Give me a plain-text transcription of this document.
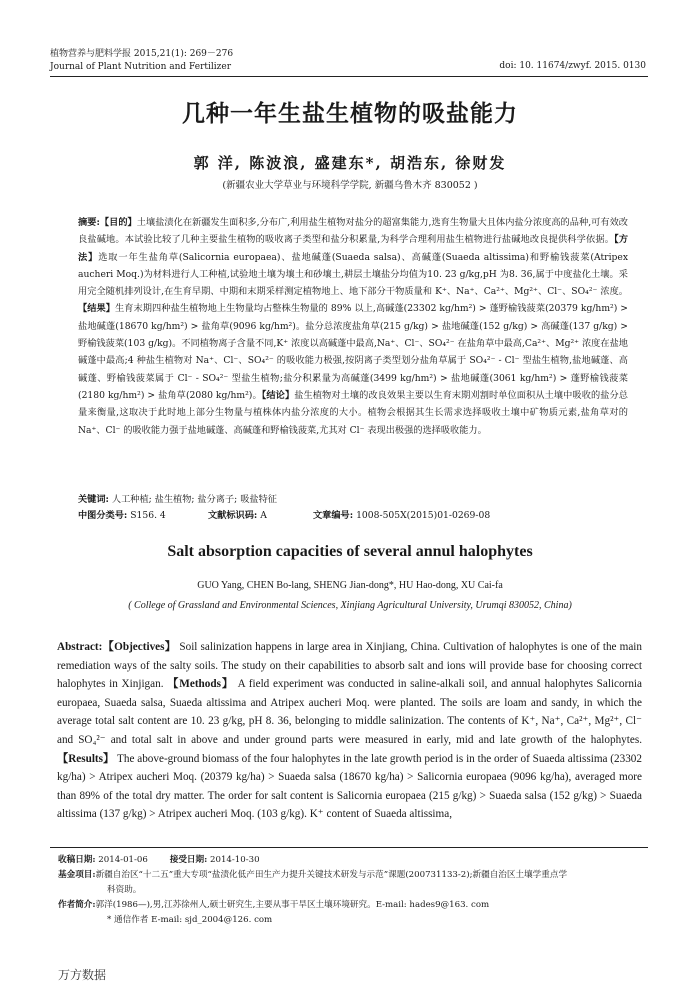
植物营养与肥料学报 2015,21(1): 269－276
Journal of Plant Nutrition and Fertilizer	doi: 10. 11674/zwyf. 2015. 0130
几种一年生盐生植物的吸盐能力
郭 洋, 陈波浪, 盛建东*, 胡浩东, 徐财发
(新疆农业大学草业与环境科学学院, 新疆乌鲁木齐 830052 )
摘要:【目的】土壤盐渍化在新疆发生面积多,分布广,利用盐生植物对盐分的超富集能力,选育生物量大且体内盐分浓度高的品种,可有效改良盐碱地。本试验比较了几种主要盐生植物的吸收离子类型和盐分积累量,为科学合理利用盐生植物进行盐碱地改良提供科学依据。【方法】选取一年生盐角草(Salicornia europaea)、盐地碱蓬(Suaeda salsa)、高碱蓬(Suaeda altissima)和野榆钱菠菜(Atripex aucheri Moq.)为材料进行人工种植,试验地土壤为壤土和砂壤土,耕层土壤盐分均值为10. 23 g/kg,pH 为8. 36,属于中度盐化土壤。采用完全随机排列设计,在生育早期、中期和末期采样测定植物地上、地下部分干物质量和 K⁺、Na⁺、Ca²⁺、Mg²⁺、Cl⁻、SO₄²⁻ 浓度。【结果】生育末期四种盐生植物地上生物量均占整株生物量的 89% 以上,高碱蓬(23302 kg/hm²) > 蓬野榆钱菠菜(20379 kg/hm²) > 盐地碱蓬(18670 kg/hm²) > 盐角草(9096 kg/hm²)。盐分总浓度盐角草(215 g/kg) > 盐地碱蓬(152 g/kg) > 高碱蓬(137 g/kg) > 野榆钱菠菜(103 g/kg)。不同植物离子含量不同,K⁺ 浓度以高碱蓬中最高,Na⁺、Cl⁻、SO₄²⁻ 在盐角草中最高,Ca²⁺、Mg²⁺ 浓度在盐地碱蓬中最高;4 种盐生植物对 Na⁺、Cl⁻、SO₄²⁻ 的吸收能力极强,按阴离子类型划分盐角草属于 SO₄²⁻ - Cl⁻ 型盐生植物,盐地碱蓬、高碱蓬、野榆钱菠菜属于 Cl⁻ - SO₄²⁻ 型盐生植物;盐分积累量为高碱蓬(3499 kg/hm²) > 盐地碱蓬(3061 kg/hm²) > 蓬野榆钱菠菜(2180 kg/hm²) > 盐角草(2080 kg/hm²)。【结论】盐生植物对土壤的改良效果主要以生育末期刈割时单位面积从土壤中吸收的盐分总量来衡量,这取决于此时地上部分生物量与植株体内盐分浓度的大小。植物会根据其生长需求选择吸收土壤中矿物质元素,盐角草对的 Na⁺、Cl⁻ 的吸收能力强于盐地碱蓬、高碱蓬和野榆钱菠菜,尤其对 Cl⁻ 表现出极强的选择吸收能力。
关键词: 人工种植; 盐生植物; 盐分离子; 吸盐特征
中图分类号: S156. 4	文献标识码: A	文章编号: 1008-505X(2015)01-0269-08
Salt absorption capacities of several annul halophytes
GUO Yang, CHEN Bo-lang, SHENG Jian-dong*, HU Hao-dong, XU Cai-fa
( College of Grassland and Environmental Sciences, Xinjiang Agricultural University, Urumqi 830052, China)
Abstract:【Objectives】 Soil salinization happens in large area in Xinjiang, China. Cultivation of halophytes is one of the main remediation ways of the salty soils. The study on their capabilities to absorb salt and ions will provide base for choosing correct halophytes in Xinjigan. 【Methods】 A field experiment was conducted in saline-alkali soil, and annual halophytes Salicornia europaea, Suaeda salsa, Suaeda altissima and Atripex aucheri Moq. were planted. The soils are loam and sandy, in which the average total salt content are 10. 23 g/kg, pH 8. 36, belonging to middle salinization. The contents of K⁺, Na⁺, Ca²⁺, Mg²⁺, Cl⁻ and SO₄²⁻ and total salt in above and under ground parts were measured in early, mid and late growth of the halophytes. 【Results】 The above-ground biomass of the four halophytes in the late growth period is in the order of Suaeda altissima (23302 kg/ha) > Atripex aucheri Moq. (20379 kg/ha) > Suaeda salsa (18670 kg/ha) > Salicornia europaea (9096 kg/ha), averaged more than 89% of the total dry matter. The order for salt content is Salicornia europaea (215 g/kg) > Suaeda salsa (152 g/kg) > Suaeda altissima (137 g/kg) > Atripex aucheri Moq. (103 g/kg). K⁺ content of Suaeda altissima,
收稿日期: 2014-01-06	接受日期: 2014-10-30
基金项目:新疆自治区“十二五”重大专项“盐渍化低产田生产力提升关键技术研发与示范”课题(200731133-2);新疆自治区土壤学重点学
科资助。
作者简介:郭洋(1986—),男,江苏徐州人,硕士研究生,主要从事干旱区土壤环境研究。E-mail: hades9@163. com
* 通信作者 E-mail: sjd_2004@126. com
万方数据
